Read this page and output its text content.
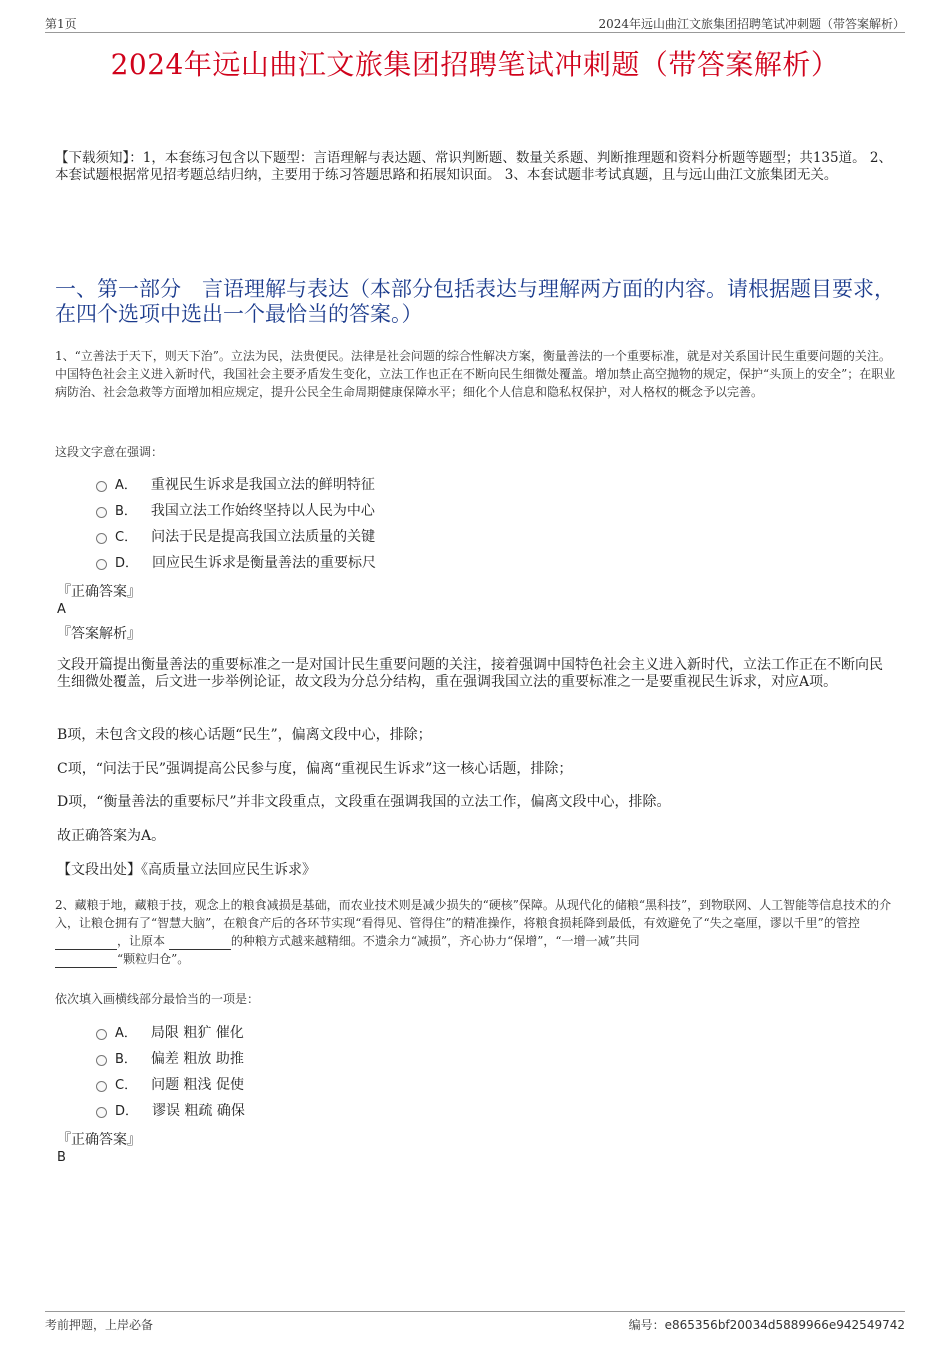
第1页	2024年远山曲江文旅集团招聘笔试冲刺题（带答案解析）
2024年远山曲江文旅集团招聘笔试冲刺题（带答案解析）
【下载须知】：1，本套练习包含以下题型：言语理解与表达题、常识判断题、数量关系题、判断推理题和资料分析题等题型；共135道。 2、本套试题根据常见招考题总结归纳，主要用于练习答题思路和拓展知识面。 3、本套试题非考试真题，且与远山曲江文旅集团无关。
一、第一部分　言语理解与表达（本部分包括表达与理解两方面的内容。请根据题目要求，在四个选项中选出一个最恰当的答案。）
1、“立善法于天下，则天下治”。立法为民，法贵便民。法律是社会问题的综合性解决方案，衡量善法的一个重要标准，就是对关系国计民生重要问题的关注。中国特色社会主义进入新时代，我国社会主要矛盾发生变化，立法工作也正在不断向民生细微处覆盖。增加禁止高空抛物的规定，保护“头顶上的安全”；在职业病防治、社会急救等方面增加相应规定，提升公民全生命周期健康保障水平；细化个人信息和隐私权保护，对人格权的概念予以完善。
这段文字意在强调：
A． 重视民生诉求是我国立法的鲜明特征
B． 我国立法工作始终坚持以人民为中心
C． 问法于民是提高我国立法质量的关键
D． 回应民生诉求是衡量善法的重要标尺
『正确答案』
A
『答案解析』
文段开篇提出衡量善法的重要标准之一是对国计民生重要问题的关注，接着强调中国特色社会主义进入新时代，立法工作正在不断向民生细微处覆盖，后文进一步举例论证，故文段为分总分结构，重在强调我国立法的重要标准之一是要重视民生诉求，对应A项。
B项，未包含文段的核心话题“民生”，偏离文段中心，排除；
C项，“问法于民”强调提高公民参与度，偏离“重视民生诉求”这一核心话题，排除；
D项，“衡量善法的重要标尺”并非文段重点，文段重在强调我国的立法工作，偏离文段中心，排除。
故正确答案为A。
【文段出处】《高质量立法回应民生诉求》
2、藏粮于地，藏粮于技，观念上的粮食减损是基础，而农业技术则是减少损失的“硬核”保障。从现代化的储粮“黑科技”，到物联网、人工智能等信息技术的介入，让粮仓拥有了“智慧大脑”，在粮食产后的各环节实现“看得见、管得住”的精准操作，将粮食损耗降到最低，有效避免了“失之毫厘，谬以千里”的管控 ，让原本	的种粮方式越来越精细。不遗余力“减损”，齐心协力“保增”，“一增一减”共同
“颗粒归仓”。
依次填入画横线部分最恰当的一项是：
A． 局限 粗犷 催化
B． 偏差 粗放 助推
C． 问题 粗浅 促使
D． 谬误 粗疏 确保
『正确答案』
B
考前押题，上岸必备	编号：e865356bf20034d5889966e942549742
